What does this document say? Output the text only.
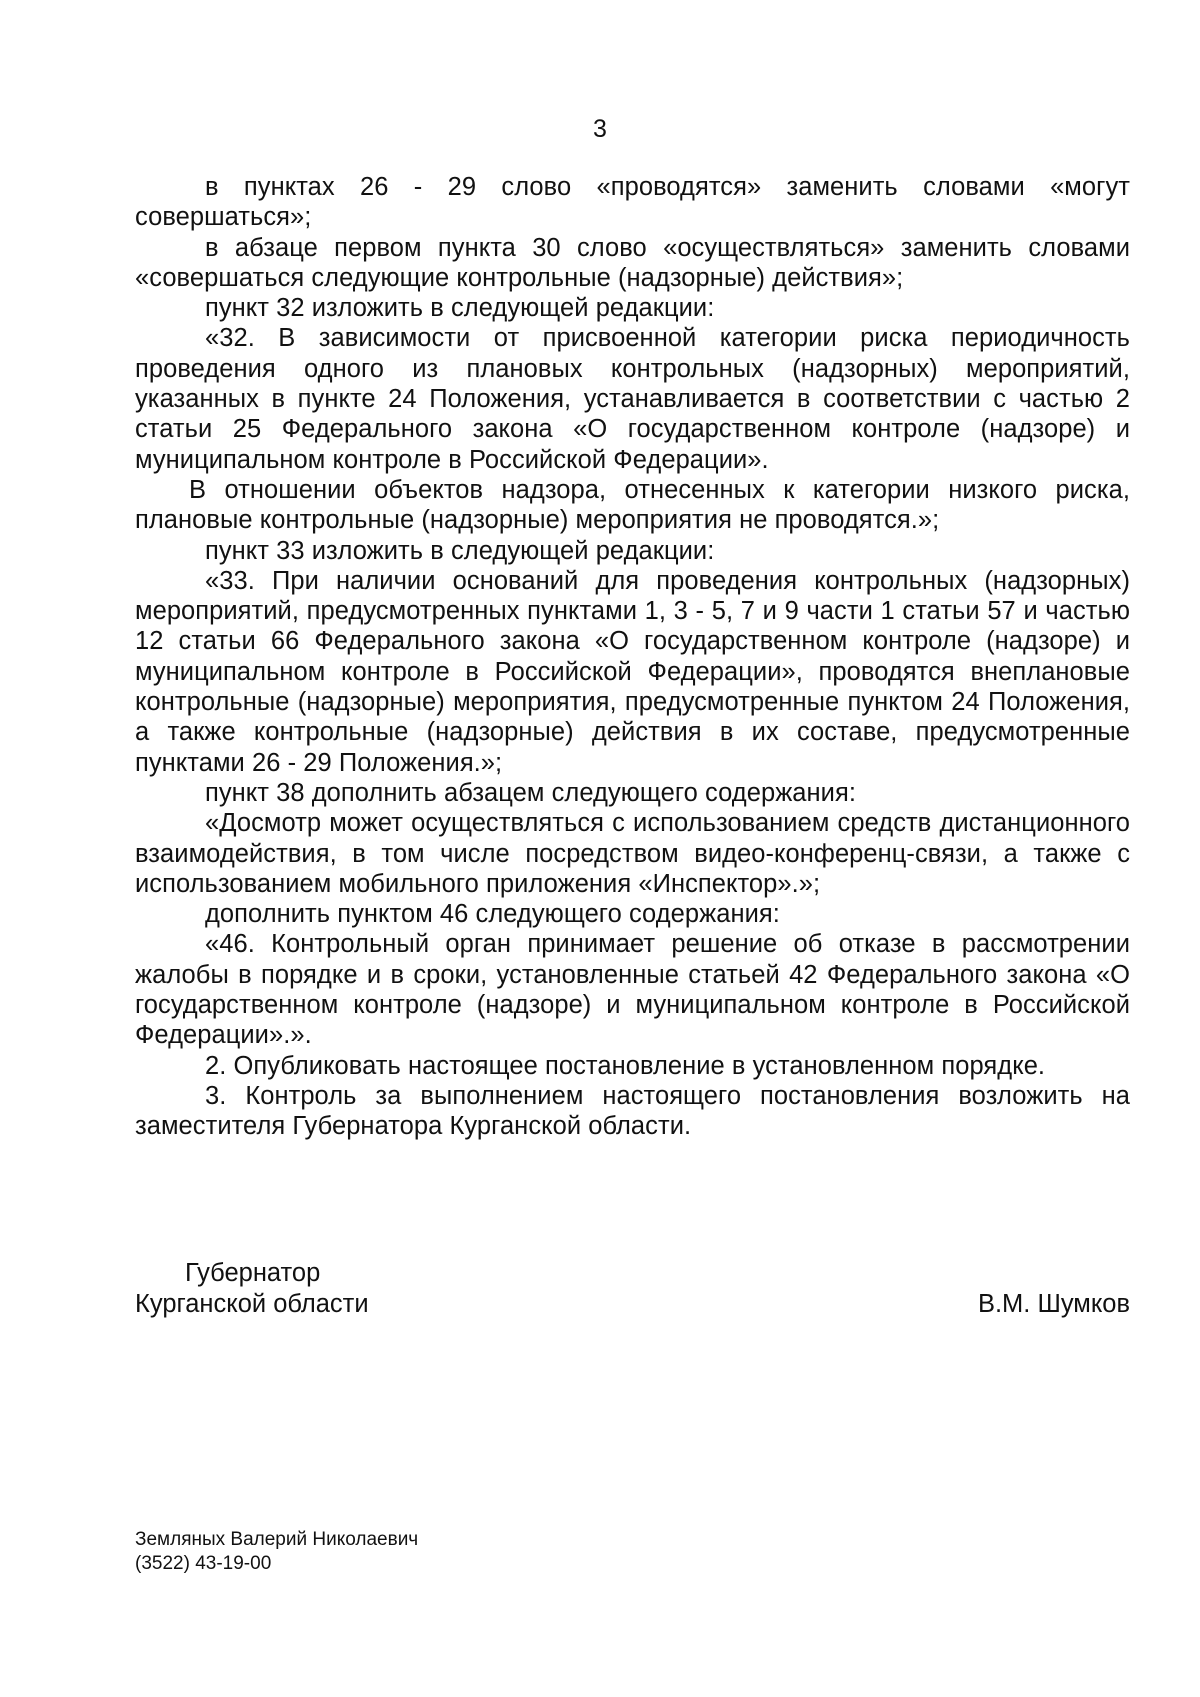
3

в пунктах 26 - 29 слово «проводятся» заменить словами «могут совершаться»;

в абзаце первом пункта 30 слово «осуществляться» заменить словами «совершаться следующие контрольные (надзорные) действия»;

пункт 32 изложить в следующей редакции:

«32. В зависимости от присвоенной категории риска периодичность проведения одного из плановых контрольных (надзорных) мероприятий, указанных в пункте 24 Положения, устанавливается в соответствии с частью 2 статьи 25 Федерального закона «О государственном контроле (надзоре) и муниципальном контроле в Российской Федерации».

В отношении объектов надзора, отнесенных к категории низкого риска, плановые контрольные (надзорные) мероприятия не проводятся.»;

пункт 33 изложить в следующей редакции:

«33. При наличии оснований для проведения контрольных (надзорных) мероприятий, предусмотренных пунктами 1, 3 - 5, 7 и 9 части 1 статьи 57 и частью 12 статьи 66 Федерального закона «О государственном контроле (надзоре) и муниципальном контроле в Российской Федерации», проводятся внеплановые контрольные (надзорные) мероприятия, предусмотренные пунктом 24 Положения, а также контрольные (надзорные) действия в их составе, предусмотренные пунктами 26 - 29 Положения.»;

пункт 38 дополнить абзацем следующего содержания:

«Досмотр может осуществляться с использованием средств дистанционного взаимодействия, в том числе посредством видео-конференц-связи, а также с использованием мобильного приложения «Инспектор».»;

дополнить пунктом 46 следующего содержания:

«46. Контрольный орган принимает решение об отказе в рассмотрении жалобы в порядке и в сроки, установленные статьей 42 Федерального закона «О государственном контроле (надзоре) и муниципальном контроле в Российской Федерации».».

2. Опубликовать настоящее постановление в установленном порядке.

3. Контроль за выполнением настоящего постановления возложить на заместителя Губернатора Курганской области.

Губернатор
Курганской области	В.М. Шумков
Земляных Валерий Николаевич
(3522) 43-19-00
